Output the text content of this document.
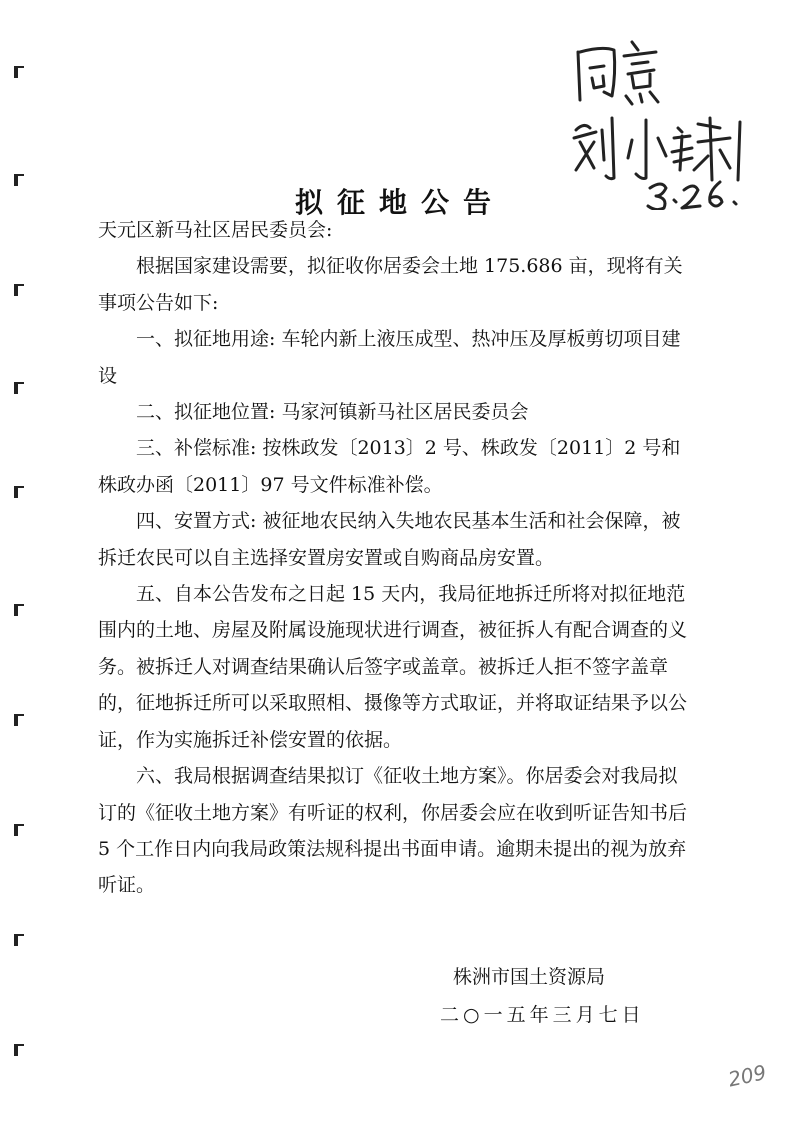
拟征地公告

天元区新马社区居民委员会:

根据国家建设需要，拟征收你居委会土地 175.686 亩，现将有关事项公告如下:

一、拟征地用途: 车轮内新上液压成型、热冲压及厚板剪切项目建设

二、拟征地位置: 马家河镇新马社区居民委员会

三、补偿标准: 按株政发〔2013〕2 号、株政发〔2011〕2 号和株政办函〔2011〕97 号文件标准补偿。

四、安置方式: 被征地农民纳入失地农民基本生活和社会保障，被拆迁农民可以自主选择安置房安置或自购商品房安置。

五、自本公告发布之日起 15 天内，我局征地拆迁所将对拟征地范围内的土地、房屋及附属设施现状进行调查，被征拆人有配合调查的义务。被拆迁人对调查结果确认后签字或盖章。被拆迁人拒不签字盖章的，征地拆迁所可以采取照相、摄像等方式取证，并将取证结果予以公证，作为实施拆迁补偿安置的依据。

六、我局根据调查结果拟订《征收土地方案》。你居委会对我局拟订的《征收土地方案》有听证的权利，你居委会应在收到听证告知书后 5 个工作日内向我局政策法规科提出书面申请。逾期未提出的视为放弃听证。

株洲市国土资源局
二○一五年三月七日
209
